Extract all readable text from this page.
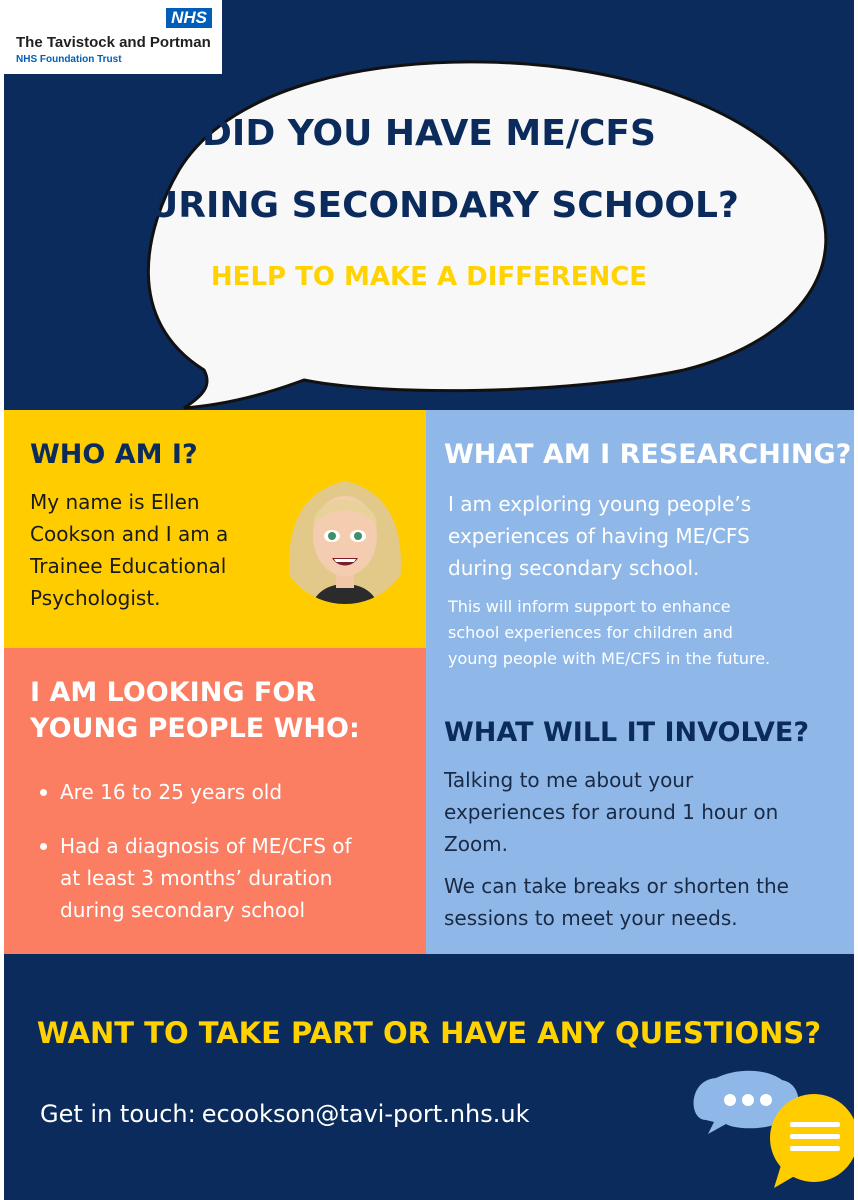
NHS
The Tavistock and Portman
NHS Foundation Trust
DID YOU HAVE ME/CFS
DURING SECONDARY SCHOOL?
HELP TO MAKE A DIFFERENCE
WHO AM I?
My name is Ellen
Cookson and I am a
Trainee Educational
Psychologist.
I AM LOOKING FOR
YOUNG PEOPLE WHO:
Are 16 to 25 years old
Had a diagnosis of ME/CFS of
at least 3 months’ duration
during secondary school
WHAT AM I RESEARCHING?
I am exploring young people’s
experiences of having ME/CFS
during secondary school.
This will inform support to enhance
school experiences for children and
young people with ME/CFS in the future.
WHAT WILL IT INVOLVE?
Talking to me about your
experiences for around 1 hour on
Zoom.
We can take breaks or shorten the
sessions to meet your needs.
WANT TO TAKE PART OR HAVE ANY QUESTIONS?
Get in touch: ecookson@tavi-port.nhs.uk
